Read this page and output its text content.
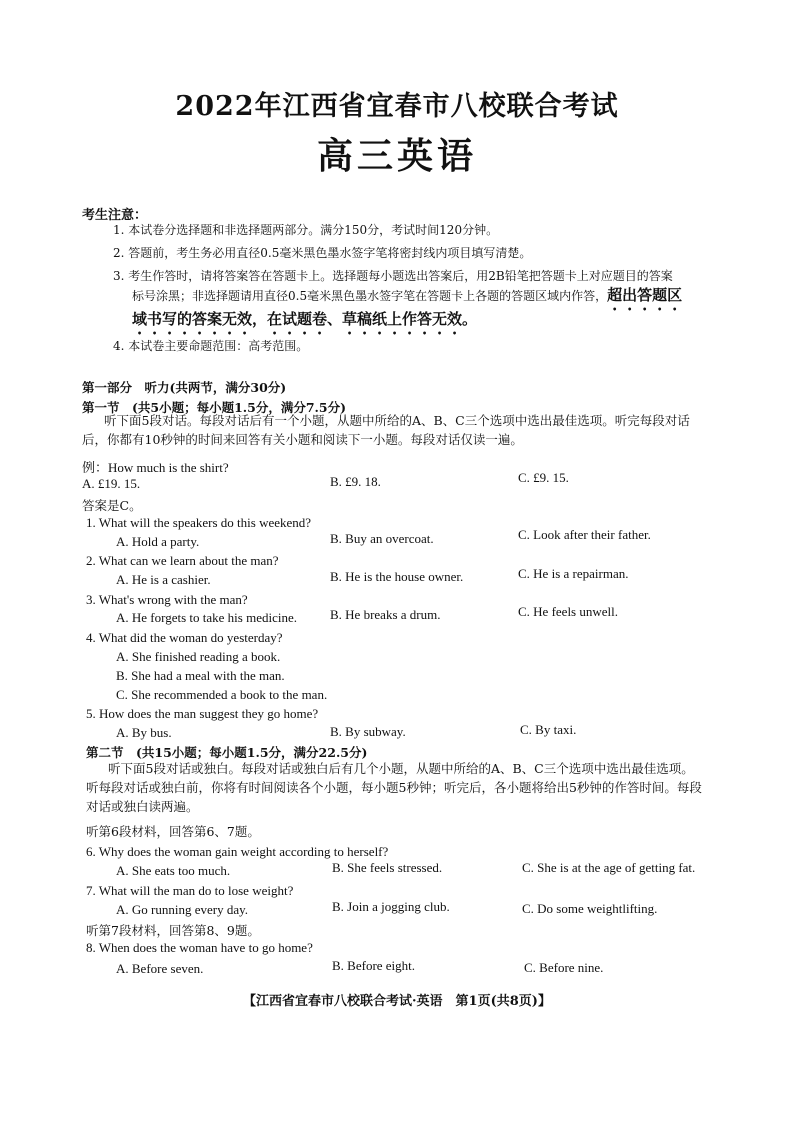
2022年江西省宜春市八校联合考试
高三英语
考生注意：
1. 本试卷分选择题和非选择题两部分。满分150分，考试时间120分钟。
2. 答题前，考生务必用直径0.5毫米黑色墨水签字笔将密封线内项目填写清楚。
3. 考生作答时，请将答案答在答题卡上。选择题每小题选出答案后，用2B铅笔把答题卡上对应题目的答案
标号涂黑；非选择题请用直径0.5毫米黑色墨水签字笔在答题卡上各题的答题区域内作答，超出答题区
域书写的答案无效，在试题卷、草稿纸上作答无效。
4. 本试卷主要命题范围：高考范围。
第一部分　听力(共两节，满分30分)
第一节　(共5小题；每小题1.5分，满分7.5分)
听下面5段对话。每段对话后有一个小题，从题中所给的A、B、C三个选项中选出最佳选项。听完每段对话
后，你都有10秒钟的时间来回答有关小题和阅读下一小题。每段对话仅读一遍。
例：How much is the shirt?
A. £19. 15.	B. £9. 18.	C. £9. 15.
答案是C。
1. What will the speakers do this weekend?
A. Hold a party.	B. Buy an overcoat.	C. Look after their father.
2. What can we learn about the man?
A. He is a cashier.	B. He is the house owner.	C. He is a repairman.
3. What's wrong with the man?
A. He forgets to take his medicine.	B. He breaks a drum.	C. He feels unwell.
4. What did the woman do yesterday?
A. She finished reading a book.
B. She had a meal with the man.
C. She recommended a book to the man.
5. How does the man suggest they go home?
A. By bus.	B. By subway.	C. By taxi.
第二节　(共15小题；每小题1.5分，满分22.5分)
听下面5段对话或独白。每段对话或独白后有几个小题，从题中所给的A、B、C三个选项中选出最佳选项。
听每段对话或独白前，你将有时间阅读各个小题，每小题5秒钟；听完后，各小题将给出5秒钟的作答时间。每段
对话或独白读两遍。
听第6段材料，回答第6、7题。
6. Why does the woman gain weight according to herself?
A. She eats too much.	B. She feels stressed.	C. She is at the age of getting fat.
7. What will the man do to lose weight?
A. Go running every day.	B. Join a jogging club.	C. Do some weightlifting.
听第7段材料，回答第8、9题。
8. When does the woman have to go home?
A. Before seven.	B. Before eight.	C. Before nine.
【江西省宜春市八校联合考试·英语　第1页(共8页)】
